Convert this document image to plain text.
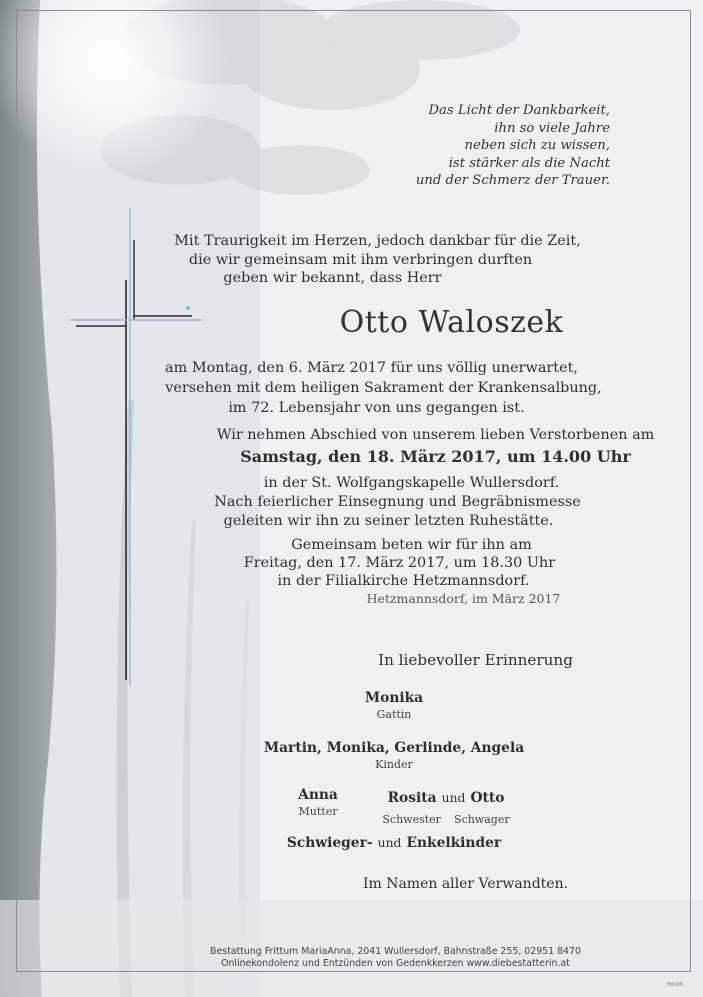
Das Licht der Dankbarkeit,
ihn so viele Jahre
neben sich zu wissen,
ist stärker als die Nacht
und der Schmerz der Trauer.
Mit Traurigkeit im Herzen, jedoch dankbar für die Zeit,
die wir gemeinsam mit ihm verbringen durften
geben wir bekannt, dass Herr
Otto Waloszek
am Montag, den 6. März 2017 für uns völlig unerwartet,
versehen mit dem heiligen Sakrament der Krankensalbung,
im 72. Lebensjahr von uns gegangen ist.
Wir nehmen Abschied von unserem lieben Verstorbenen am
Samstag, den 18. März 2017, um 14.00 Uhr
in der St. Wolfgangskapelle Wullersdorf.
Nach feierlicher Einsegnung und Begräbnismesse
geleiten wir ihn zu seiner letzten Ruhestätte.
Gemeinsam beten wir für ihn am
Freitag, den 17. März 2017, um 18.30 Uhr
in der Filialkirche Hetzmannsdorf.
Hetzmannsdorf, im März 2017
In liebevoller Erinnerung
Monika
Gattin
Martin, Monika, Gerlinde, Angela
Kinder
Anna
Mutter
Rosita und Otto
Schwester Schwager
Schwieger- und Enkelkinder
Im Namen aller Verwandten.
Bestattung Frittum MariaAnna, 2041 Wullersdorf, Bahnstraße 255, 02951 8470
Onlinekondolenz und Entzünden von Gedenkkerzen www.diebestatterin.at
89106
